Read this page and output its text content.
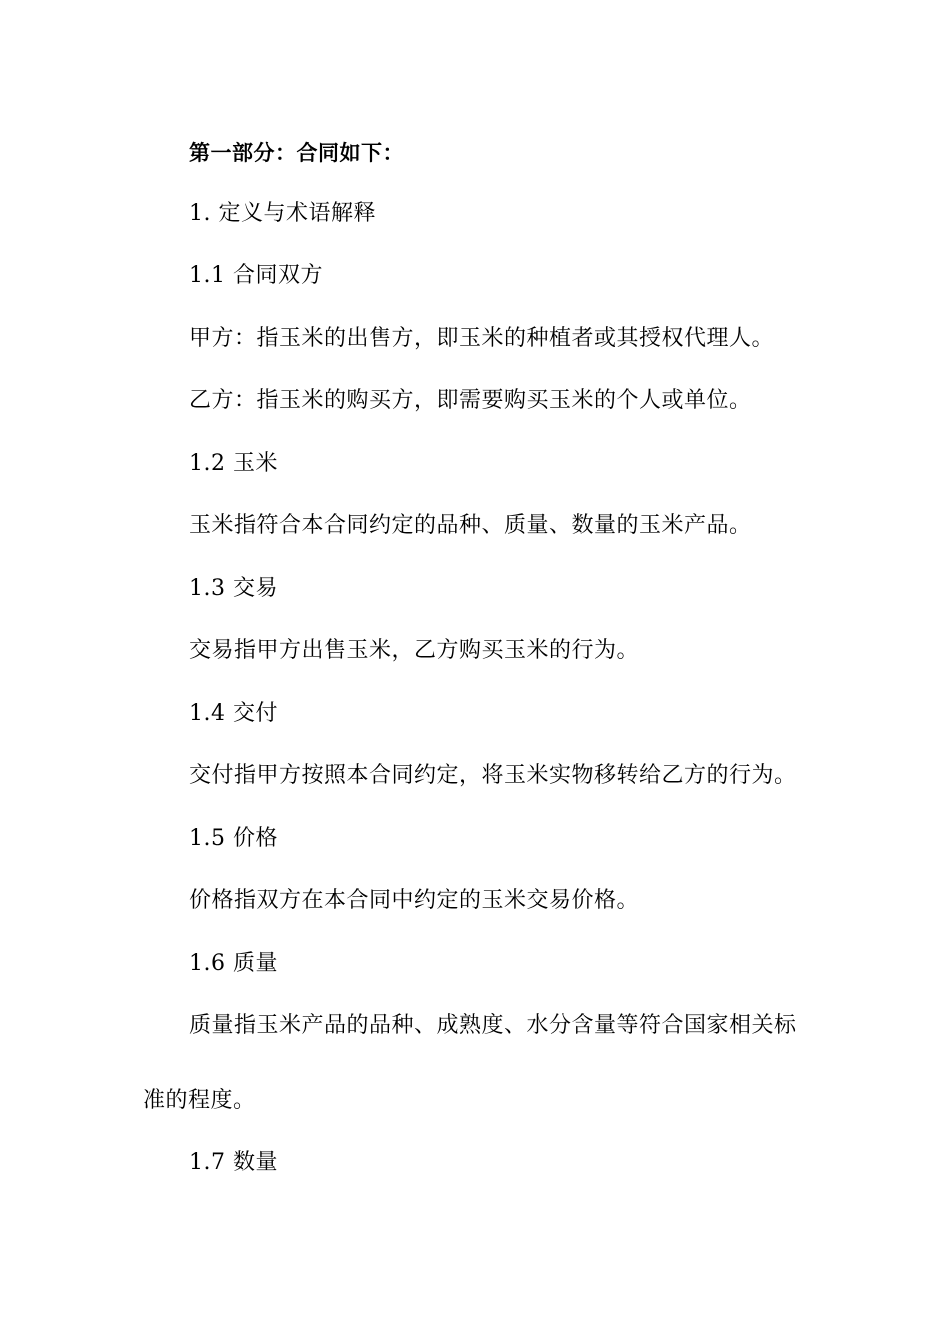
第一部分：合同如下：
1. 定义与术语解释
1.1 合同双方
甲方：指玉米的出售方，即玉米的种植者或其授权代理人。
乙方：指玉米的购买方，即需要购买玉米的个人或单位。
1.2 玉米
玉米指符合本合同约定的品种、质量、数量的玉米产品。
1.3 交易
交易指甲方出售玉米，乙方购买玉米的行为。
1.4 交付
交付指甲方按照本合同约定，将玉米实物移转给乙方的行为。
1.5 价格
价格指双方在本合同中约定的玉米交易价格。
1.6 质量
质量指玉米产品的品种、成熟度、水分含量等符合国家相关标
准的程度。
1.7 数量
